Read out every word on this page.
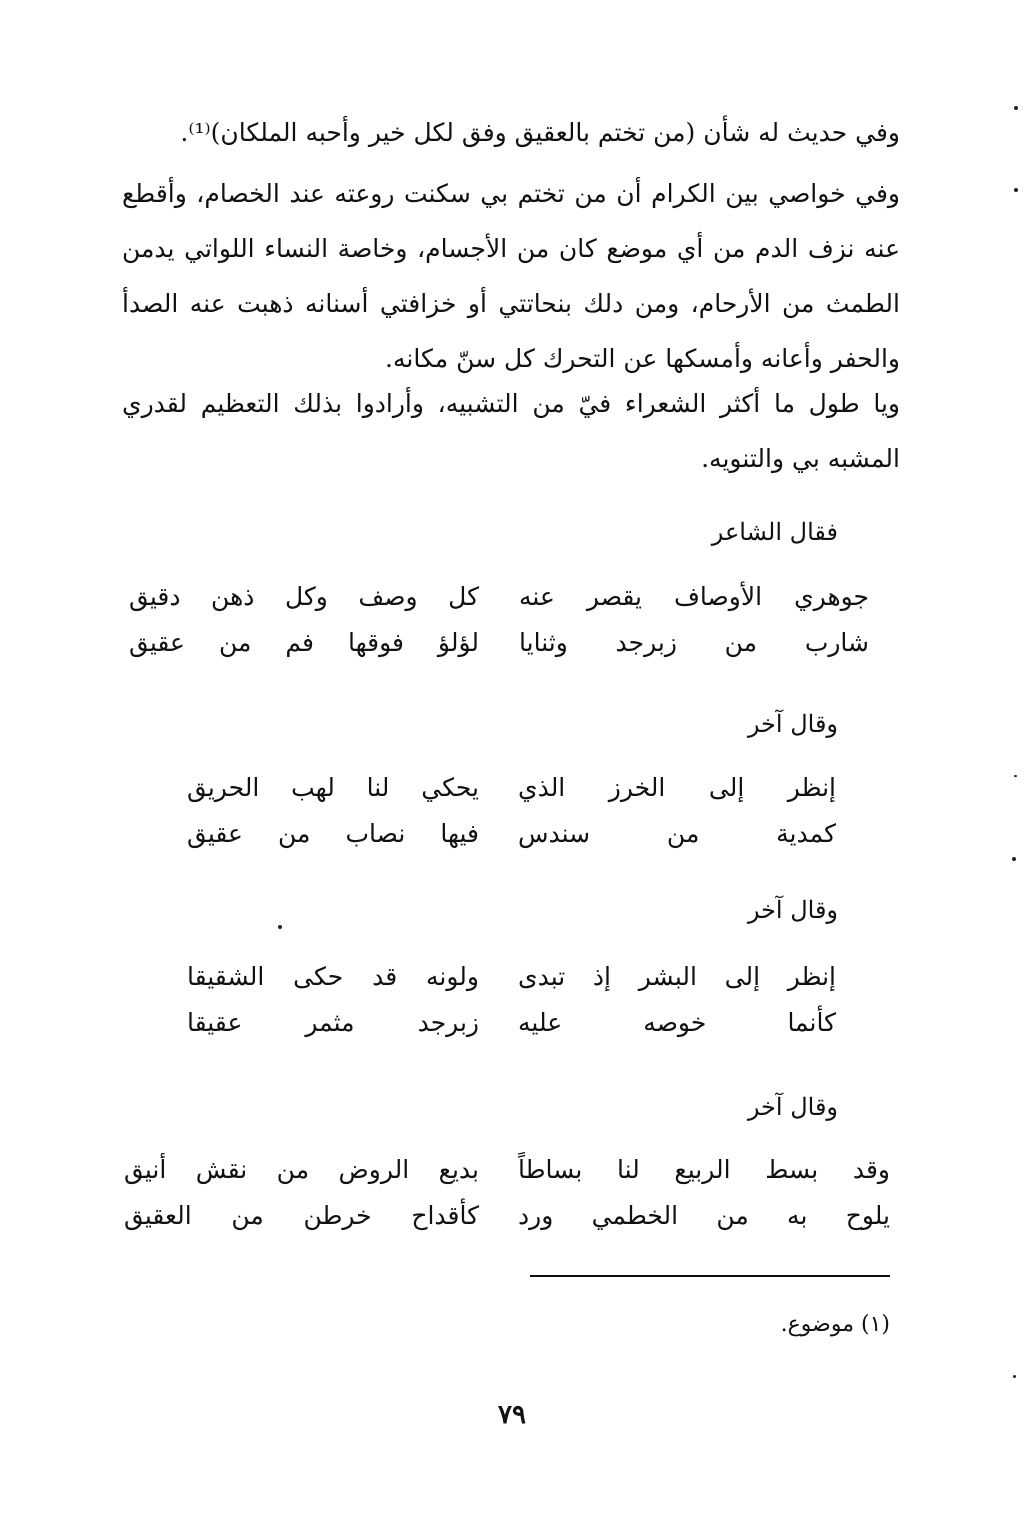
وفي حديث له شأن (من تختم بالعقيق وفق لكل خير وأحبه الملكان)⁽¹⁾.
وفي خواصي بين الكرام أن من تختم بي سكنت روعته عند الخصام، وأقطع عنه نزف الدم من أي موضع كان من الأجسام، وخاصة النساء اللواتي يدمن الطمث من الأرحام، ومن دلك بنحاتتي أو خزافتي أسنانه ذهبت عنه الصدأ والحفر وأعانه وأمسكها عن التحرك كل سنّ مكانه.
ويا طول ما أكثر الشعراء فيّ من التشبيه، وأرادوا بذلك التعظيم لقدري المشبه بي والتنويه.
فقال الشاعر
جوهري الأوصاف يقصر عنه
كل وصف وكل ذهن دقيق
شارب من زبرجد وثنايا
لؤلؤ فوقها فم من عقيق
وقال آخر
إنظر إلى الخرز الذي
يحكي لنا لهب الحريق
كمدية من سندس
فيها نصاب من عقيق
وقال آخر
إنظر إلى البشر إذ تبدى
ولونه قد حكى الشقيقا
كأنما خوصه عليه
زبرجد مثمر عقيقا
وقال آخر
وقد بسط الربيع لنا بساطاً
بديع الروض من نقش أنيق
يلوح به من الخطمي ورد
كأقداح خرطن من العقيق
(١) موضوع.
٧٩
